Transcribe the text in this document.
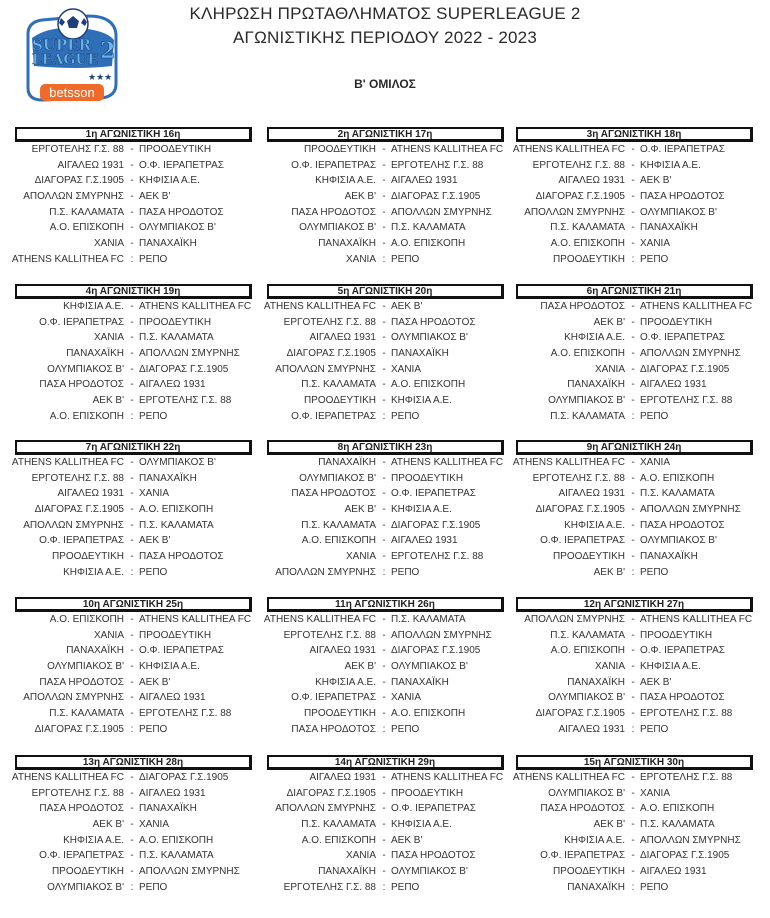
SUPER
LEAGUE 2
★★★
betsson
ΚΛΗΡΩΣΗ ΠΡΩΤΑΘΛΗΜΑΤΟΣ SUPERLEAGUE 2
ΑΓΩΝΙΣΤΙΚΗΣ ΠΕΡΙΟΔΟΥ 2022 - 2023
Β' ΟΜΙΛΟΣ
1η ΑΓΩΝΙΣΤΙΚΗ 16η
ΕΡΓΟΤΕΛΗΣ Γ.Σ. 88 - ΠΡΟΟΔΕΥΤΙΚΗ
ΑΙΓΑΛΕΩ 1931 - Ο.Φ. ΙΕΡΑΠΕΤΡΑΣ
ΔΙΑΓΟΡΑΣ Γ.Σ.1905 - ΚΗΦΙΣΙΑ Α.Ε.
ΑΠΟΛΛΩΝ ΣΜΥΡΝΗΣ - ΑΕΚ Β'
Π.Σ. ΚΑΛΑΜΑΤΑ - ΠΑΣΑ ΗΡΟΔΟΤΟΣ
Α.Ο. ΕΠΙΣΚΟΠΗ - ΟΛΥΜΠΙΑΚΟΣ Β'
ΧΑΝΙΑ - ΠΑΝΑΧΑΪΚΗ
ATHENS KALLITHEA FC : ΡΕΠΟ
2η ΑΓΩΝΙΣΤΙΚΗ 17η
ΠΡΟΟΔΕΥΤΙΚΗ - ATHENS KALLITHEA FC
Ο.Φ. ΙΕΡΑΠΕΤΡΑΣ - ΕΡΓΟΤΕΛΗΣ Γ.Σ. 88
ΚΗΦΙΣΙΑ Α.Ε. - ΑΙΓΑΛΕΩ 1931
ΑΕΚ Β' - ΔΙΑΓΟΡΑΣ Γ.Σ.1905
ΠΑΣΑ ΗΡΟΔΟΤΟΣ - ΑΠΟΛΛΩΝ ΣΜΥΡΝΗΣ
ΟΛΥΜΠΙΑΚΟΣ Β' - Π.Σ. ΚΑΛΑΜΑΤΑ
ΠΑΝΑΧΑΪΚΗ - Α.Ο. ΕΠΙΣΚΟΠΗ
ΧΑΝΙΑ : ΡΕΠΟ
3η ΑΓΩΝΙΣΤΙΚΗ 18η
ATHENS KALLITHEA FC - Ο.Φ. ΙΕΡΑΠΕΤΡΑΣ
ΕΡΓΟΤΕΛΗΣ Γ.Σ. 88 - ΚΗΦΙΣΙΑ Α.Ε.
ΑΙΓΑΛΕΩ 1931 - ΑΕΚ Β'
ΔΙΑΓΟΡΑΣ Γ.Σ.1905 - ΠΑΣΑ ΗΡΟΔΟΤΟΣ
ΑΠΟΛΛΩΝ ΣΜΥΡΝΗΣ - ΟΛΥΜΠΙΑΚΟΣ Β'
Π.Σ. ΚΑΛΑΜΑΤΑ - ΠΑΝΑΧΑΪΚΗ
Α.Ο. ΕΠΙΣΚΟΠΗ - ΧΑΝΙΑ
ΠΡΟΟΔΕΥΤΙΚΗ : ΡΕΠΟ
4η ΑΓΩΝΙΣΤΙΚΗ 19η
ΚΗΦΙΣΙΑ Α.Ε. - ATHENS KALLITHEA FC
Ο.Φ. ΙΕΡΑΠΕΤΡΑΣ - ΠΡΟΟΔΕΥΤΙΚΗ
ΧΑΝΙΑ - Π.Σ. ΚΑΛΑΜΑΤΑ
ΠΑΝΑΧΑΪΚΗ - ΑΠΟΛΛΩΝ ΣΜΥΡΝΗΣ
ΟΛΥΜΠΙΑΚΟΣ Β' - ΔΙΑΓΟΡΑΣ Γ.Σ.1905
ΠΑΣΑ ΗΡΟΔΟΤΟΣ - ΑΙΓΑΛΕΩ 1931
ΑΕΚ Β' - ΕΡΓΟΤΕΛΗΣ Γ.Σ. 88
Α.Ο. ΕΠΙΣΚΟΠΗ : ΡΕΠΟ
5η ΑΓΩΝΙΣΤΙΚΗ 20η
ATHENS KALLITHEA FC - ΑΕΚ Β'
ΕΡΓΟΤΕΛΗΣ Γ.Σ. 88 - ΠΑΣΑ ΗΡΟΔΟΤΟΣ
ΑΙΓΑΛΕΩ 1931 - ΟΛΥΜΠΙΑΚΟΣ Β'
ΔΙΑΓΟΡΑΣ Γ.Σ.1905 - ΠΑΝΑΧΑΪΚΗ
ΑΠΟΛΛΩΝ ΣΜΥΡΝΗΣ - ΧΑΝΙΑ
Π.Σ. ΚΑΛΑΜΑΤΑ - Α.Ο. ΕΠΙΣΚΟΠΗ
ΠΡΟΟΔΕΥΤΙΚΗ - ΚΗΦΙΣΙΑ Α.Ε.
Ο.Φ. ΙΕΡΑΠΕΤΡΑΣ : ΡΕΠΟ
6η ΑΓΩΝΙΣΤΙΚΗ 21η
ΠΑΣΑ ΗΡΟΔΟΤΟΣ - ATHENS KALLITHEA FC
ΑΕΚ Β' - ΠΡΟΟΔΕΥΤΙΚΗ
ΚΗΦΙΣΙΑ Α.Ε. - Ο.Φ. ΙΕΡΑΠΕΤΡΑΣ
Α.Ο. ΕΠΙΣΚΟΠΗ - ΑΠΟΛΛΩΝ ΣΜΥΡΝΗΣ
ΧΑΝΙΑ - ΔΙΑΓΟΡΑΣ Γ.Σ.1905
ΠΑΝΑΧΑΪΚΗ - ΑΙΓΑΛΕΩ 1931
ΟΛΥΜΠΙΑΚΟΣ Β' - ΕΡΓΟΤΕΛΗΣ Γ.Σ. 88
Π.Σ. ΚΑΛΑΜΑΤΑ : ΡΕΠΟ
7η ΑΓΩΝΙΣΤΙΚΗ 22η
ATHENS KALLITHEA FC - ΟΛΥΜΠΙΑΚΟΣ Β'
ΕΡΓΟΤΕΛΗΣ Γ.Σ. 88 - ΠΑΝΑΧΑΪΚΗ
ΑΙΓΑΛΕΩ 1931 - ΧΑΝΙΑ
ΔΙΑΓΟΡΑΣ Γ.Σ.1905 - Α.Ο. ΕΠΙΣΚΟΠΗ
ΑΠΟΛΛΩΝ ΣΜΥΡΝΗΣ - Π.Σ. ΚΑΛΑΜΑΤΑ
Ο.Φ. ΙΕΡΑΠΕΤΡΑΣ - ΑΕΚ Β'
ΠΡΟΟΔΕΥΤΙΚΗ - ΠΑΣΑ ΗΡΟΔΟΤΟΣ
ΚΗΦΙΣΙΑ Α.Ε. : ΡΕΠΟ
8η ΑΓΩΝΙΣΤΙΚΗ 23η
ΠΑΝΑΧΑΪΚΗ - ATHENS KALLITHEA FC
ΟΛΥΜΠΙΑΚΟΣ Β' - ΠΡΟΟΔΕΥΤΙΚΗ
ΠΑΣΑ ΗΡΟΔΟΤΟΣ - Ο.Φ. ΙΕΡΑΠΕΤΡΑΣ
ΑΕΚ Β' - ΚΗΦΙΣΙΑ Α.Ε.
Π.Σ. ΚΑΛΑΜΑΤΑ - ΔΙΑΓΟΡΑΣ Γ.Σ.1905
Α.Ο. ΕΠΙΣΚΟΠΗ - ΑΙΓΑΛΕΩ 1931
ΧΑΝΙΑ - ΕΡΓΟΤΕΛΗΣ Γ.Σ. 88
ΑΠΟΛΛΩΝ ΣΜΥΡΝΗΣ : ΡΕΠΟ
9η ΑΓΩΝΙΣΤΙΚΗ 24η
ATHENS KALLITHEA FC - ΧΑΝΙΑ
ΕΡΓΟΤΕΛΗΣ Γ.Σ. 88 - Α.Ο. ΕΠΙΣΚΟΠΗ
ΑΙΓΑΛΕΩ 1931 - Π.Σ. ΚΑΛΑΜΑΤΑ
ΔΙΑΓΟΡΑΣ Γ.Σ.1905 - ΑΠΟΛΛΩΝ ΣΜΥΡΝΗΣ
ΚΗΦΙΣΙΑ Α.Ε. - ΠΑΣΑ ΗΡΟΔΟΤΟΣ
Ο.Φ. ΙΕΡΑΠΕΤΡΑΣ - ΟΛΥΜΠΙΑΚΟΣ Β'
ΠΡΟΟΔΕΥΤΙΚΗ - ΠΑΝΑΧΑΪΚΗ
ΑΕΚ Β' : ΡΕΠΟ
10η ΑΓΩΝΙΣΤΙΚΗ 25η
Α.Ο. ΕΠΙΣΚΟΠΗ - ATHENS KALLITHEA FC
ΧΑΝΙΑ - ΠΡΟΟΔΕΥΤΙΚΗ
ΠΑΝΑΧΑΪΚΗ - Ο.Φ. ΙΕΡΑΠΕΤΡΑΣ
ΟΛΥΜΠΙΑΚΟΣ Β' - ΚΗΦΙΣΙΑ Α.Ε.
ΠΑΣΑ ΗΡΟΔΟΤΟΣ - ΑΕΚ Β'
ΑΠΟΛΛΩΝ ΣΜΥΡΝΗΣ - ΑΙΓΑΛΕΩ 1931
Π.Σ. ΚΑΛΑΜΑΤΑ - ΕΡΓΟΤΕΛΗΣ Γ.Σ. 88
ΔΙΑΓΟΡΑΣ Γ.Σ.1905 : ΡΕΠΟ
11η ΑΓΩΝΙΣΤΙΚΗ 26η
ATHENS KALLITHEA FC - Π.Σ. ΚΑΛΑΜΑΤΑ
ΕΡΓΟΤΕΛΗΣ Γ.Σ. 88 - ΑΠΟΛΛΩΝ ΣΜΥΡΝΗΣ
ΑΙΓΑΛΕΩ 1931 - ΔΙΑΓΟΡΑΣ Γ.Σ.1905
ΑΕΚ Β' - ΟΛΥΜΠΙΑΚΟΣ Β'
ΚΗΦΙΣΙΑ Α.Ε. - ΠΑΝΑΧΑΪΚΗ
Ο.Φ. ΙΕΡΑΠΕΤΡΑΣ - ΧΑΝΙΑ
ΠΡΟΟΔΕΥΤΙΚΗ - Α.Ο. ΕΠΙΣΚΟΠΗ
ΠΑΣΑ ΗΡΟΔΟΤΟΣ : ΡΕΠΟ
12η ΑΓΩΝΙΣΤΙΚΗ 27η
ΑΠΟΛΛΩΝ ΣΜΥΡΝΗΣ - ATHENS KALLITHEA FC
Π.Σ. ΚΑΛΑΜΑΤΑ - ΠΡΟΟΔΕΥΤΙΚΗ
Α.Ο. ΕΠΙΣΚΟΠΗ - Ο.Φ. ΙΕΡΑΠΕΤΡΑΣ
ΧΑΝΙΑ - ΚΗΦΙΣΙΑ Α.Ε.
ΠΑΝΑΧΑΪΚΗ - ΑΕΚ Β'
ΟΛΥΜΠΙΑΚΟΣ Β' - ΠΑΣΑ ΗΡΟΔΟΤΟΣ
ΔΙΑΓΟΡΑΣ Γ.Σ.1905 - ΕΡΓΟΤΕΛΗΣ Γ.Σ. 88
ΑΙΓΑΛΕΩ 1931 : ΡΕΠΟ
13η ΑΓΩΝΙΣΤΙΚΗ 28η
ATHENS KALLITHEA FC - ΔΙΑΓΟΡΑΣ Γ.Σ.1905
ΕΡΓΟΤΕΛΗΣ Γ.Σ. 88 - ΑΙΓΑΛΕΩ 1931
ΠΑΣΑ ΗΡΟΔΟΤΟΣ - ΠΑΝΑΧΑΪΚΗ
ΑΕΚ Β' - ΧΑΝΙΑ
ΚΗΦΙΣΙΑ Α.Ε. - Α.Ο. ΕΠΙΣΚΟΠΗ
Ο.Φ. ΙΕΡΑΠΕΤΡΑΣ - Π.Σ. ΚΑΛΑΜΑΤΑ
ΠΡΟΟΔΕΥΤΙΚΗ - ΑΠΟΛΛΩΝ ΣΜΥΡΝΗΣ
ΟΛΥΜΠΙΑΚΟΣ Β' : ΡΕΠΟ
14η ΑΓΩΝΙΣΤΙΚΗ 29η
ΑΙΓΑΛΕΩ 1931 - ATHENS KALLITHEA FC
ΔΙΑΓΟΡΑΣ Γ.Σ.1905 - ΠΡΟΟΔΕΥΤΙΚΗ
ΑΠΟΛΛΩΝ ΣΜΥΡΝΗΣ - Ο.Φ. ΙΕΡΑΠΕΤΡΑΣ
Π.Σ. ΚΑΛΑΜΑΤΑ - ΚΗΦΙΣΙΑ Α.Ε.
Α.Ο. ΕΠΙΣΚΟΠΗ - ΑΕΚ Β'
ΧΑΝΙΑ - ΠΑΣΑ ΗΡΟΔΟΤΟΣ
ΠΑΝΑΧΑΪΚΗ - ΟΛΥΜΠΙΑΚΟΣ Β'
ΕΡΓΟΤΕΛΗΣ Γ.Σ. 88 : ΡΕΠΟ
15η ΑΓΩΝΙΣΤΙΚΗ 30η
ATHENS KALLITHEA FC - ΕΡΓΟΤΕΛΗΣ Γ.Σ. 88
ΟΛΥΜΠΙΑΚΟΣ Β' - ΧΑΝΙΑ
ΠΑΣΑ ΗΡΟΔΟΤΟΣ - Α.Ο. ΕΠΙΣΚΟΠΗ
ΑΕΚ Β' - Π.Σ. ΚΑΛΑΜΑΤΑ
ΚΗΦΙΣΙΑ Α.Ε. - ΑΠΟΛΛΩΝ ΣΜΥΡΝΗΣ
Ο.Φ. ΙΕΡΑΠΕΤΡΑΣ - ΔΙΑΓΟΡΑΣ Γ.Σ.1905
ΠΡΟΟΔΕΥΤΙΚΗ - ΑΙΓΑΛΕΩ 1931
ΠΑΝΑΧΑΪΚΗ : ΡΕΠΟ
